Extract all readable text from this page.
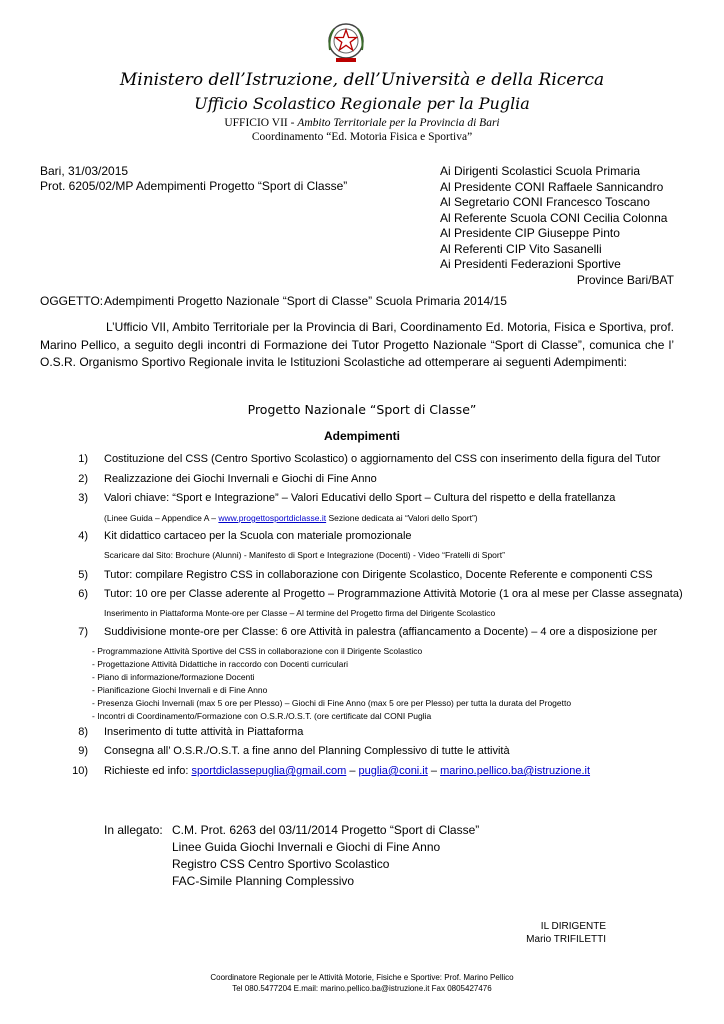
Ministero dell’Istruzione, dell’Università e della Ricerca
Ufficio Scolastico Regionale per la Puglia
UFFICIO VII - Ambito Territoriale per la Provincia di Bari
Coordinamento “Ed. Motoria Fisica e Sportiva”
Bari, 31/03/2015
Prot. 6205/02/MP Adempimenti Progetto “Sport di Classe”
Ai Dirigenti Scolastici Scuola Primaria
Al Presidente CONI Raffaele Sannicandro
Al Segretario CONI Francesco Toscano
Al Referente Scuola CONI Cecilia Colonna
Al Presidente CIP Giuseppe Pinto
Al Referenti CIP Vito Sasanelli
Ai Presidenti Federazioni Sportive
Province Bari/BAT
OGGETTO:Adempimenti Progetto Nazionale “Sport di Classe” Scuola Primaria 2014/15
L’Ufficio VII, Ambito Territoriale per la Provincia di Bari, Coordinamento Ed. Motoria, Fisica e Sportiva, prof. Marino Pellico, a seguito degli incontri di Formazione dei Tutor Progetto Nazionale “Sport di Classe”, comunica che l’ O.S.R. Organismo Sportivo Regionale invita le Istituzioni Scolastiche ad ottemperare ai seguenti Adempimenti:
Progetto Nazionale “Sport di Classe”
Adempimenti
1) Costituzione del CSS (Centro Sportivo Scolastico) o aggiornamento del CSS con inserimento della figura del Tutor
2) Realizzazione dei Giochi Invernali e Giochi di Fine Anno
3) Valori chiave: “Sport e Integrazione” – Valori Educativi dello Sport – Cultura del rispetto e della fratellanza
(Linee Guida – Appendice A – www.progettosportdiclasse.it Sezione dedicata ai “Valori dello Sport”)
4) Kit didattico cartaceo per la Scuola con materiale promozionale
Scaricare dal Sito: Brochure (Alunni) - Manifesto di Sport e Integrazione (Docenti) - Video “Fratelli di Sport”
5) Tutor: compilare Registro CSS in collaborazione con Dirigente Scolastico, Docente Referente e componenti CSS
6) Tutor: 10 ore per Classe aderente al Progetto – Programmazione Attività Motorie (1 ora al mese per Classe assegnata)
Inserimento in Piattaforma Monte-ore per Classe – Al termine del Progetto firma del Dirigente Scolastico
7) Suddivisione monte-ore per Classe: 6 ore Attività in palestra (affiancamento a Docente) – 4 ore a disposizione per
- Programmazione Attività Sportive del CSS in collaborazione con il Dirigente Scolastico
- Progettazione Attività Didattiche in raccordo con Docenti curriculari
- Piano di informazione/formazione Docenti
- Pianificazione Giochi Invernali e di Fine Anno
- Presenza Giochi Invernali (max 5 ore per Plesso) – Giochi di Fine Anno (max 5 ore per Plesso) per tutta la durata del Progetto
- Incontri di Coordinamento/Formazione con O.S.R./O.S.T. (ore certificate dal CONI Puglia
8) Inserimento di tutte attività in Piattaforma
9) Consegna all’ O.S.R./O.S.T. a fine anno del Planning Complessivo di tutte le attività
10) Richieste ed info: sportdiclassepuglia@gmail.com – puglia@coni.it – marino.pellico.ba@istruzione.it
In allegato: C.M. Prot. 6263 del 03/11/2014 Progetto “Sport di Classe”
Linee Guida Giochi Invernali e Giochi di Fine Anno
Registro CSS Centro Sportivo Scolastico
FAC-Simile Planning Complessivo
IL DIRIGENTE
Mario TRIFILETTI
Coordinatore Regionale per le Attività Motorie, Fisiche e Sportive: Prof. Marino Pellico
Tel 080.5477204 E.mail: marino.pellico.ba@istruzione.it Fax 0805427476
